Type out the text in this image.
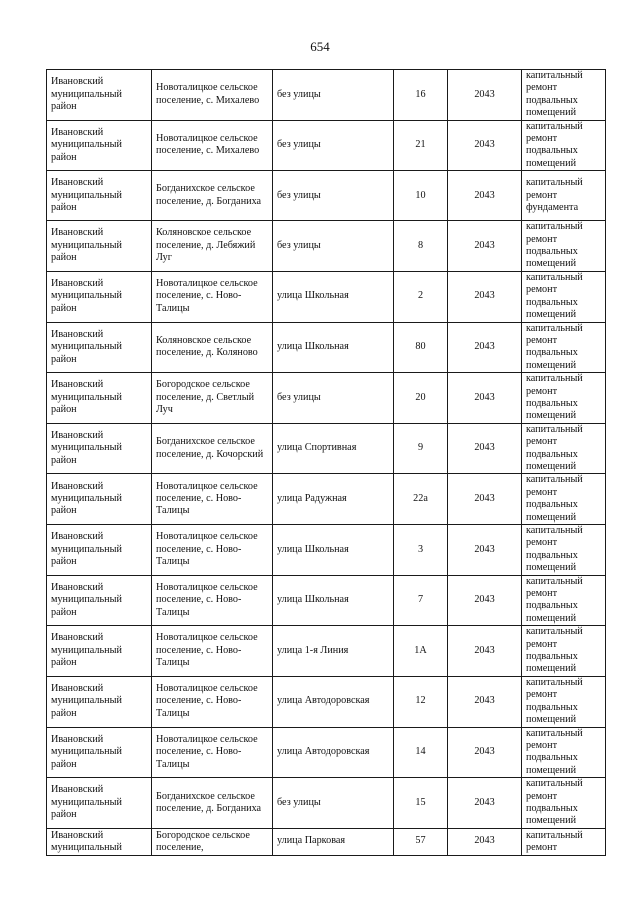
654
Ивановский муниципальный район	Новоталицкое сельское поселение, с. Михалево	без улицы	16	2043	капитальный ремонт подвальных помещений
Ивановский муниципальный район	Новоталицкое сельское поселение, с. Михалево	без улицы	21	2043	капитальный ремонт подвальных помещений
Ивановский муниципальный район	Богданихское сельское поселение, д. Богданиха	без улицы	10	2043	капитальный ремонт фундамента
Ивановский муниципальный район	Коляновское сельское поселение, д. Лебяжий Луг	без улицы	8	2043	капитальный ремонт подвальных помещений
Ивановский муниципальный район	Новоталицкое сельское поселение, с. Ново-Талицы	улица Школьная	2	2043	капитальный ремонт подвальных помещений
Ивановский муниципальный район	Коляновское сельское поселение, д. Коляново	улица Школьная	80	2043	капитальный ремонт подвальных помещений
Ивановский муниципальный район	Богородское сельское поселение, д. Светлый Луч	без улицы	20	2043	капитальный ремонт подвальных помещений
Ивановский муниципальный район	Богданихское сельское поселение, д. Кочорский	улица Спортивная	9	2043	капитальный ремонт подвальных помещений
Ивановский муниципальный район	Новоталицкое сельское поселение, с. Ново-Талицы	улица Радужная	22а	2043	капитальный ремонт подвальных помещений
Ивановский муниципальный район	Новоталицкое сельское поселение, с. Ново-Талицы	улица Школьная	3	2043	капитальный ремонт подвальных помещений
Ивановский муниципальный район	Новоталицкое сельское поселение, с. Ново-Талицы	улица Школьная	7	2043	капитальный ремонт подвальных помещений
Ивановский муниципальный район	Новоталицкое сельское поселение, с. Ново-Талицы	улица 1-я Линия	1А	2043	капитальный ремонт подвальных помещений
Ивановский муниципальный район	Новоталицкое сельское поселение, с. Ново-Талицы	улица Автодоровская	12	2043	капитальный ремонт подвальных помещений
Ивановский муниципальный район	Новоталицкое сельское поселение, с. Ново-Талицы	улица Автодоровская	14	2043	капитальный ремонт подвальных помещений
Ивановский муниципальный район	Богданихское сельское поселение, д. Богданиха	без улицы	15	2043	капитальный ремонт подвальных помещений
Ивановский муниципальный	Богородское сельское поселение,	улица Парковая	57	2043	капитальный ремонт
